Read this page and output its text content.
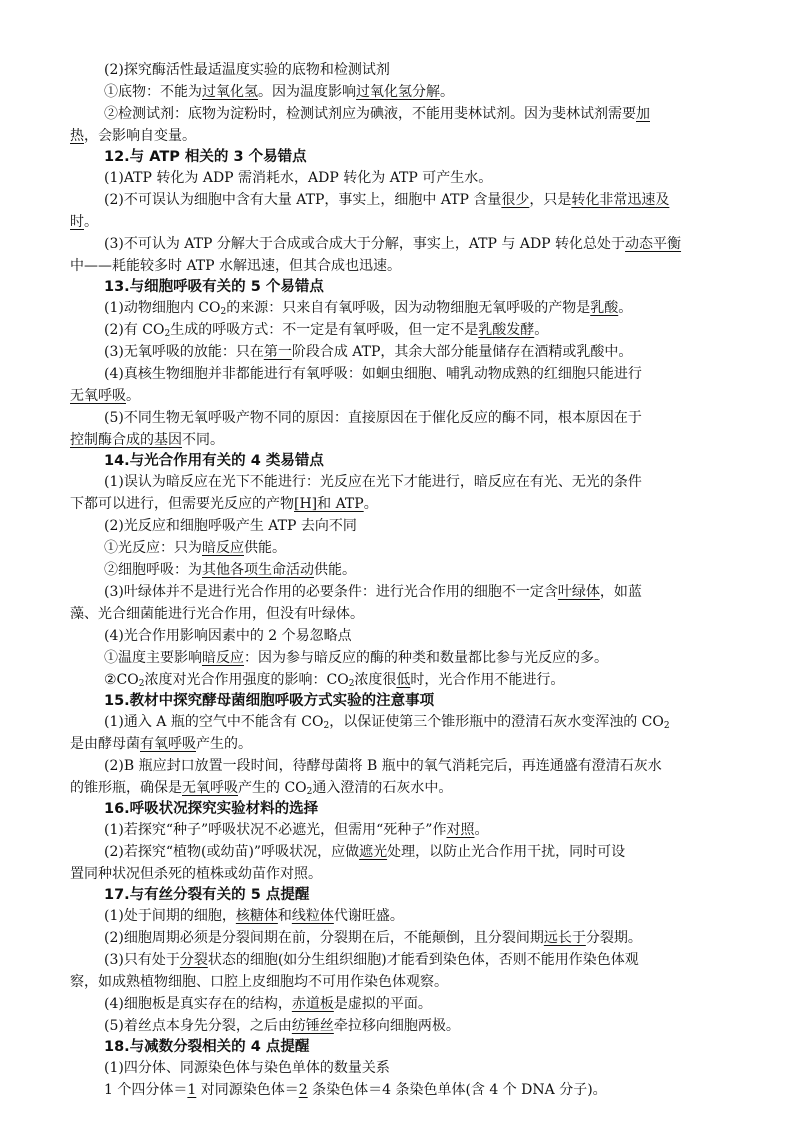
(2)探究酶活性最适温度实验的底物和检测试剂
①底物：不能为过氧化氢。因为温度影响过氧化氢分解。
②检测试剂：底物为淀粉时，检测试剂应为碘液，不能用斐林试剂。因为斐林试剂需要加
热，会影响自变量。
12.与 ATP 相关的 3 个易错点
(1)ATP 转化为 ADP 需消耗水，ADP 转化为 ATP 可产生水。
(2)不可误认为细胞中含有大量 ATP，事实上，细胞中 ATP 含量很少，只是转化非常迅速及
时。
(3)不可认为 ATP 分解大于合成或合成大于分解，事实上，ATP 与 ADP 转化总处于动态平衡
中——耗能较多时 ATP 水解迅速，但其合成也迅速。
13.与细胞呼吸有关的 5 个易错点
(1)动物细胞内 $CO_2$的来源：只来自有氧呼吸，因为动物细胞无氧呼吸的产物是乳酸。
(2)有 $CO_2$生成的呼吸方式：不一定是有氧呼吸，但一定不是乳酸发酵。
(3)无氧呼吸的放能：只在第一阶段合成 ATP，其余大部分能量储存在酒精或乳酸中。
(4)真核生物细胞并非都能进行有氧呼吸：如蛔虫细胞、哺乳动物成熟的红细胞只能进行
无氧呼吸。
(5)不同生物无氧呼吸产物不同的原因：直接原因在于催化反应的酶不同，根本原因在于
控制酶合成的基因不同。
14.与光合作用有关的 4 类易错点
(1)误认为暗反应在光下不能进行：光反应在光下才能进行，暗反应在有光、无光的条件
下都可以进行，但需要光反应的产物[H]和 ATP。
(2)光反应和细胞呼吸产生 ATP 去向不同
①光反应：只为暗反应供能。
②细胞呼吸：为其他各项生命活动供能。
(3)叶绿体并不是进行光合作用的必要条件：进行光合作用的细胞不一定含叶绿体，如蓝
藻、光合细菌能进行光合作用，但没有叶绿体。
(4)光合作用影响因素中的 2 个易忽略点
①温度主要影响暗反应：因为参与暗反应的酶的种类和数量都比参与光反应的多。
$②CO_2$浓度对光合作用强度的影响：$CO_2$浓度很低时，光合作用不能进行。
15.教材中探究酵母菌细胞呼吸方式实验的注意事项
(1)通入 A 瓶的空气中不能含有 $CO_2$，以保证使第三个锥形瓶中的澄清石灰水变浑浊的 $CO_2$
是由酵母菌有氧呼吸产生的。
(2)B 瓶应封口放置一段时间，待酵母菌将 B 瓶中的氧气消耗完后，再连通盛有澄清石灰水
的锥形瓶，确保是无氧呼吸产生的 $CO_2$通入澄清的石灰水中。
16.呼吸状况探究实验材料的选择
(1)若探究“种子”呼吸状况不必遮光，但需用“死种子”作对照。
(2)若探究“植物(或幼苗)”呼吸状况，应做遮光处理，以防止光合作用干扰，同时可设
置同种状况但杀死的植株或幼苗作对照。
17.与有丝分裂有关的 5 点提醒
(1)处于间期的细胞，核糖体和线粒体代谢旺盛。
(2)细胞周期必须是分裂间期在前，分裂期在后，不能颠倒，且分裂间期远长于分裂期。
(3)只有处于分裂状态的细胞(如分生组织细胞)才能看到染色体，否则不能用作染色体观
察，如成熟植物细胞、口腔上皮细胞均不可用作染色体观察。
(4)细胞板是真实存在的结构，赤道板是虚拟的平面。
(5)着丝点本身先分裂，之后由纺锤丝牵拉移向细胞两极。
18.与减数分裂相关的 4 点提醒
(1)四分体、同源染色体与染色单体的数量关系
1 个四分体＝1 对同源染色体＝2 条染色体＝4 条染色单体(含 4 个 DNA 分子)。
